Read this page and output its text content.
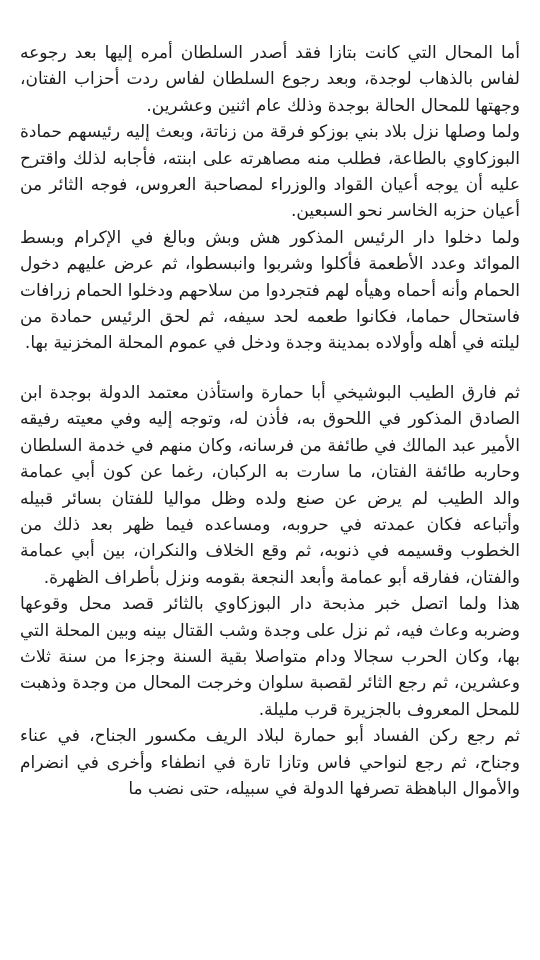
أما المحال التي كانت بتازا فقد أصدر السلطان أمره إليها بعد رجوعه لفاس بالذهاب لوجدة، وبعد رجوع السلطان لفاس ردت أحزاب الفتان، وجهتها للمحال الحالة بوجدة وذلك عام اثنين وعشرين.

ولما وصلها نزل بلاد بني بوزكو فرقة من زناتة، وبعث إليه رئيسهم حمادة البوزكاوي بالطاعة، فطلب منه مصاهرته على ابنته، فأجابه لذلك واقترح عليه أن يوجه أعيان القواد والوزراء لمصاحبة العروس، فوجه الثائر من أعيان حزبه الخاسر نحو السبعين.

ولما دخلوا دار الرئيس المذكور هش وبش وبالغ في الإكرام وبسط الموائد وعدد الأطعمة فأكلوا وشربوا وانبسطوا، ثم عرض عليهم دخول الحمام وأنه أحماه وهيأه لهم فتجردوا من سلاحهم ودخلوا الحمام زرافات فاستحال حماما، فكانوا طعمه لحد سيفه، ثم لحق الرئيس حمادة من ليلته في أهله وأولاده بمدينة وجدة ودخل في عموم المحلة المخزنية بها.

ثم فارق الطيب البوشيخي أبا حمارة واستأذن معتمد الدولة بوجدة ابن الصادق المذكور في اللحوق به، فأذن له، وتوجه إليه وفي معيته رفيقه الأمير عبد المالك في طائفة من فرسانه، وكان منهم في خدمة السلطان وحاربه طائفة الفتان، ما سارت به الركبان، رغما عن كون أبي عمامة والد الطيب لم يرض عن صنع ولده وظل مواليا للفتان بسائر قبيله وأتباعه فكان عمدته في حروبه، ومساعده فيما ظهر بعد ذلك من الخطوب وقسيمه في ذنوبه، ثم وقع الخلاف والنكران، بين أبي عمامة والفتان، ففارقه أبو عمامة وأبعد النجعة بقومه ونزل بأطراف الظهرة.

هذا ولما اتصل خبر مذبحة دار البوزكاوي بالثائر قصد محل وقوعها وضربه وعاث فيه، ثم نزل على وجدة وشب القتال بينه وبين المحلة التي بها، وكان الحرب سجالا ودام متواصلا بقية السنة وجزءا من سنة ثلاث وعشرين، ثم رجع الثائر لقصبة سلوان وخرجت المحال من وجدة وذهبت للمحل المعروف بالجزيرة قرب مليلة.

ثم رجع ركن الفساد أبو حمارة لبلاد الريف مكسور الجناح، في عناء وجناح، ثم رجع لنواحي فاس وتازا تارة في انطفاء وأخرى في انضرام والأموال الباهظة تصرفها الدولة في سبيله، حتى نضب ما
